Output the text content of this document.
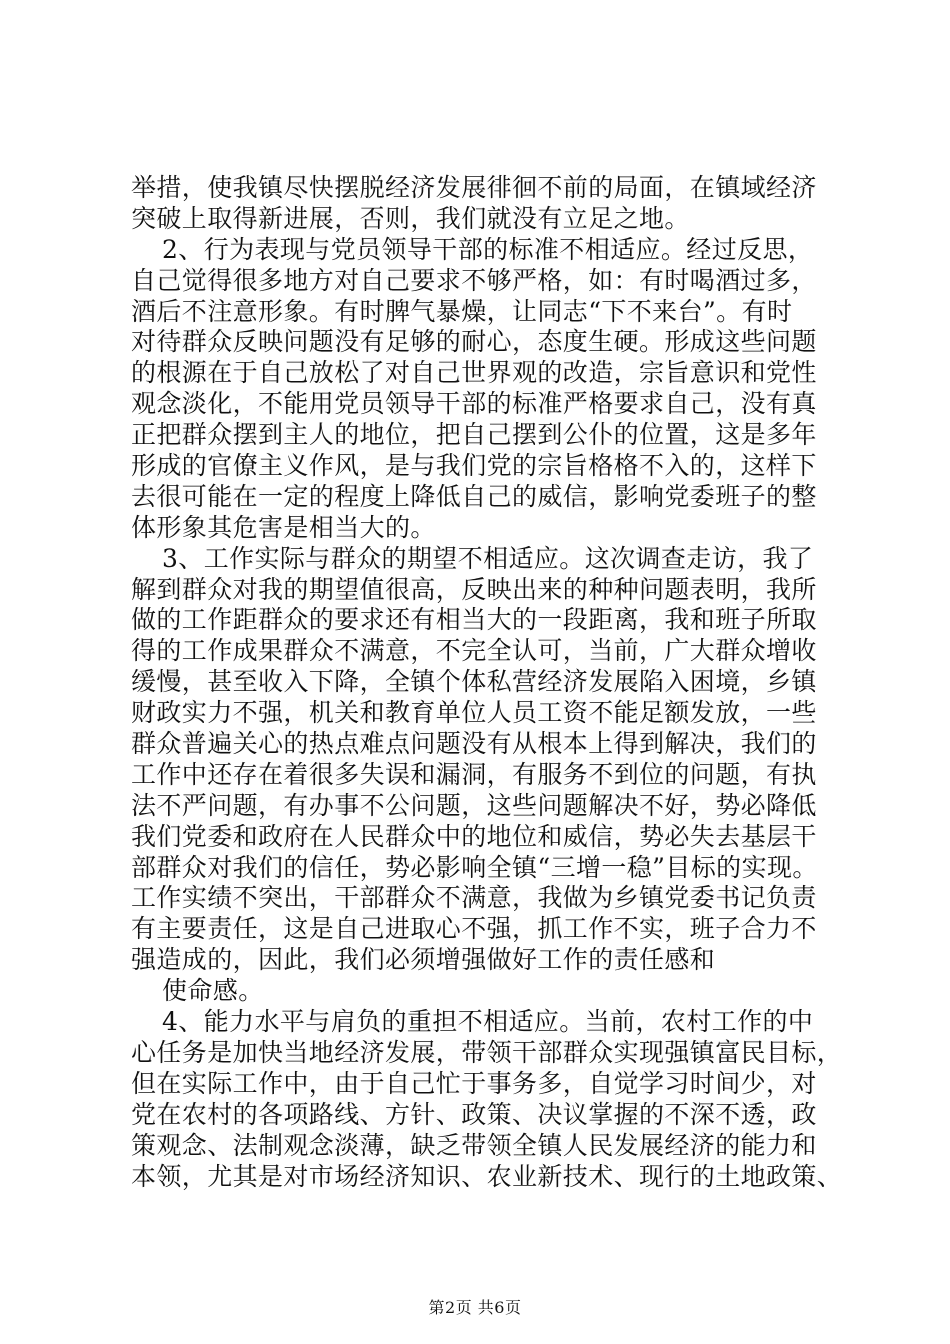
举措，使我镇尽快摆脱经济发展徘徊不前的局面，在镇域经济
突破上取得新进展，否则，我们就没有立足之地。
2、行为表现与党员领导干部的标准不相适应。经过反思，
自己觉得很多地方对自己要求不够严格，如：有时喝酒过多，
酒后不注意形象。有时脾气暴燥，让同志“下不来台”。有时
对待群众反映问题没有足够的耐心，态度生硬。形成这些问题
的根源在于自己放松了对自己世界观的改造，宗旨意识和党性
观念淡化，不能用党员领导干部的标准严格要求自己，没有真
正把群众摆到主人的地位，把自己摆到公仆的位置，这是多年
形成的官僚主义作风，是与我们党的宗旨格格不入的，这样下
去很可能在一定的程度上降低自己的威信，影响党委班子的整
体形象其危害是相当大的。
3、工作实际与群众的期望不相适应。这次调查走访，我了
解到群众对我的期望值很高，反映出来的种种问题表明，我所
做的工作距群众的要求还有相当大的一段距离，我和班子所取
得的工作成果群众不满意，不完全认可，当前，广大群众增收
缓慢，甚至收入下降，全镇个体私营经济发展陷入困境，乡镇
财政实力不强，机关和教育单位人员工资不能足额发放，一些
群众普遍关心的热点难点问题没有从根本上得到解决，我们的
工作中还存在着很多失误和漏洞，有服务不到位的问题，有执
法不严问题，有办事不公问题，这些问题解决不好，势必降低
我们党委和政府在人民群众中的地位和威信，势必失去基层干
部群众对我们的信任，势必影响全镇“三增一稳”目标的实现。
工作实绩不突出，干部群众不满意，我做为乡镇党委书记负责
有主要责任，这是自己进取心不强，抓工作不实，班子合力不
强造成的，因此，我们必须增强做好工作的责任感和
使命感。
4、能力水平与肩负的重担不相适应。当前，农村工作的中
心任务是加快当地经济发展，带领干部群众实现强镇富民目标，
但在实际工作中，由于自己忙于事务多，自觉学习时间少，对
党在农村的各项路线、方针、政策、决议掌握的不深不透，政
策观念、法制观念淡薄，缺乏带领全镇人民发展经济的能力和
本领，尤其是对市场经济知识、农业新技术、现行的土地政策、
第2页 共6页
